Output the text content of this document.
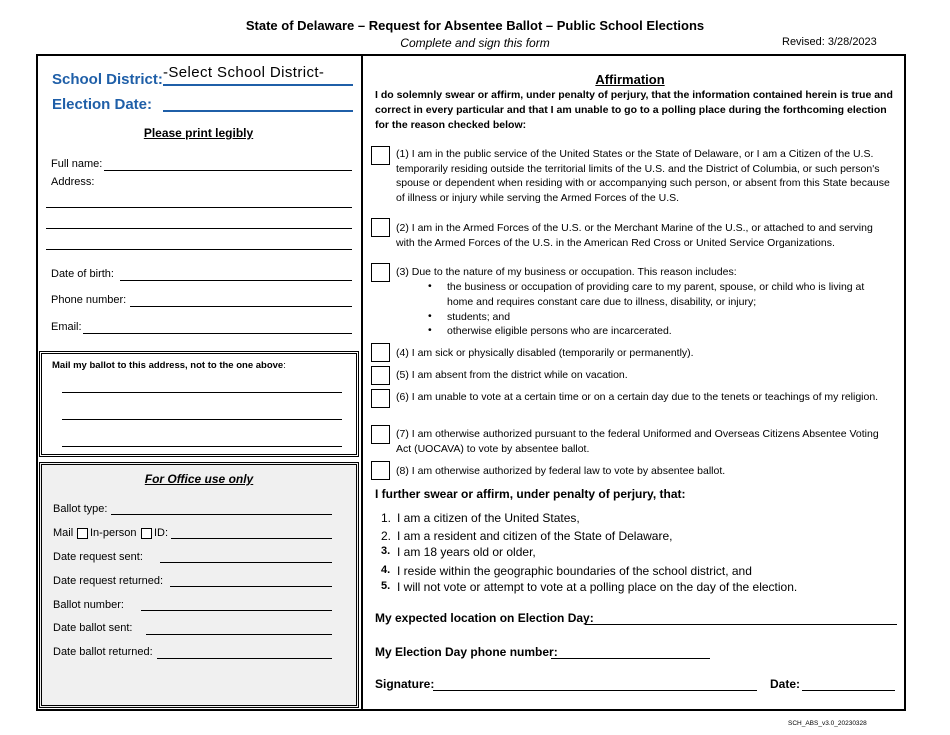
State of Delaware – Request for Absentee Ballot – Public School Elections
Complete and sign this form	Revised: 3/28/2023
School District: -Select School District-
Election Date:
Please print legibly
Full name:
Address:
Date of birth:
Phone number:
Email:
Mail my ballot to this address, not to the one above:
For Office use only
Ballot type:
Mail In-person ID:
Date request sent:
Date request returned:
Ballot number:
Date ballot sent:
Date ballot returned:
Affirmation
I do solemnly swear or affirm, under penalty of perjury, that the information contained herein is true and correct in every particular and that I am unable to go to a polling place during the forthcoming election for the reason checked below:
(1) I am in the public service of the United States or the State of Delaware, or I am a Citizen of the U.S. temporarily residing outside the territorial limits of the U.S. and the District of Columbia, or such person's spouse or dependent when residing with or accompanying such person, or absent from this State because of illness or injury while serving the Armed Forces of the U.S.
(2) I am in the Armed Forces of the U.S. or the Merchant Marine of the U.S., or attached to and serving with the Armed Forces of the U.S. in the American Red Cross or United Service Organizations.
(3) Due to the nature of my business or occupation. This reason includes:
• the business or occupation of providing care to my parent, spouse, or child who is living at home and requires constant care due to illness, disability, or injury;
• students; and
• otherwise eligible persons who are incarcerated.
(4) I am sick or physically disabled (temporarily or permanently).
(5) I am absent from the district while on vacation.
(6) I am unable to vote at a certain time or on a certain day due to the tenets or teachings of my religion.
(7) I am otherwise authorized pursuant to the federal Uniformed and Overseas Citizens Absentee Voting Act (UOCAVA) to vote by absentee ballot.
(8) I am otherwise authorized by federal law to vote by absentee ballot.
I further swear or affirm, under penalty of perjury, that:
1. I am a citizen of the United States,
2. I am a resident and citizen of the State of Delaware,
3. I am 18 years old or older,
4. I reside within the geographic boundaries of the school district, and
5. I will not vote or attempt to vote at a polling place on the day of the election.
My expected location on Election Day:
My Election Day phone number:
Signature:	Date:
SCH_ABS_v3.0_20230328
